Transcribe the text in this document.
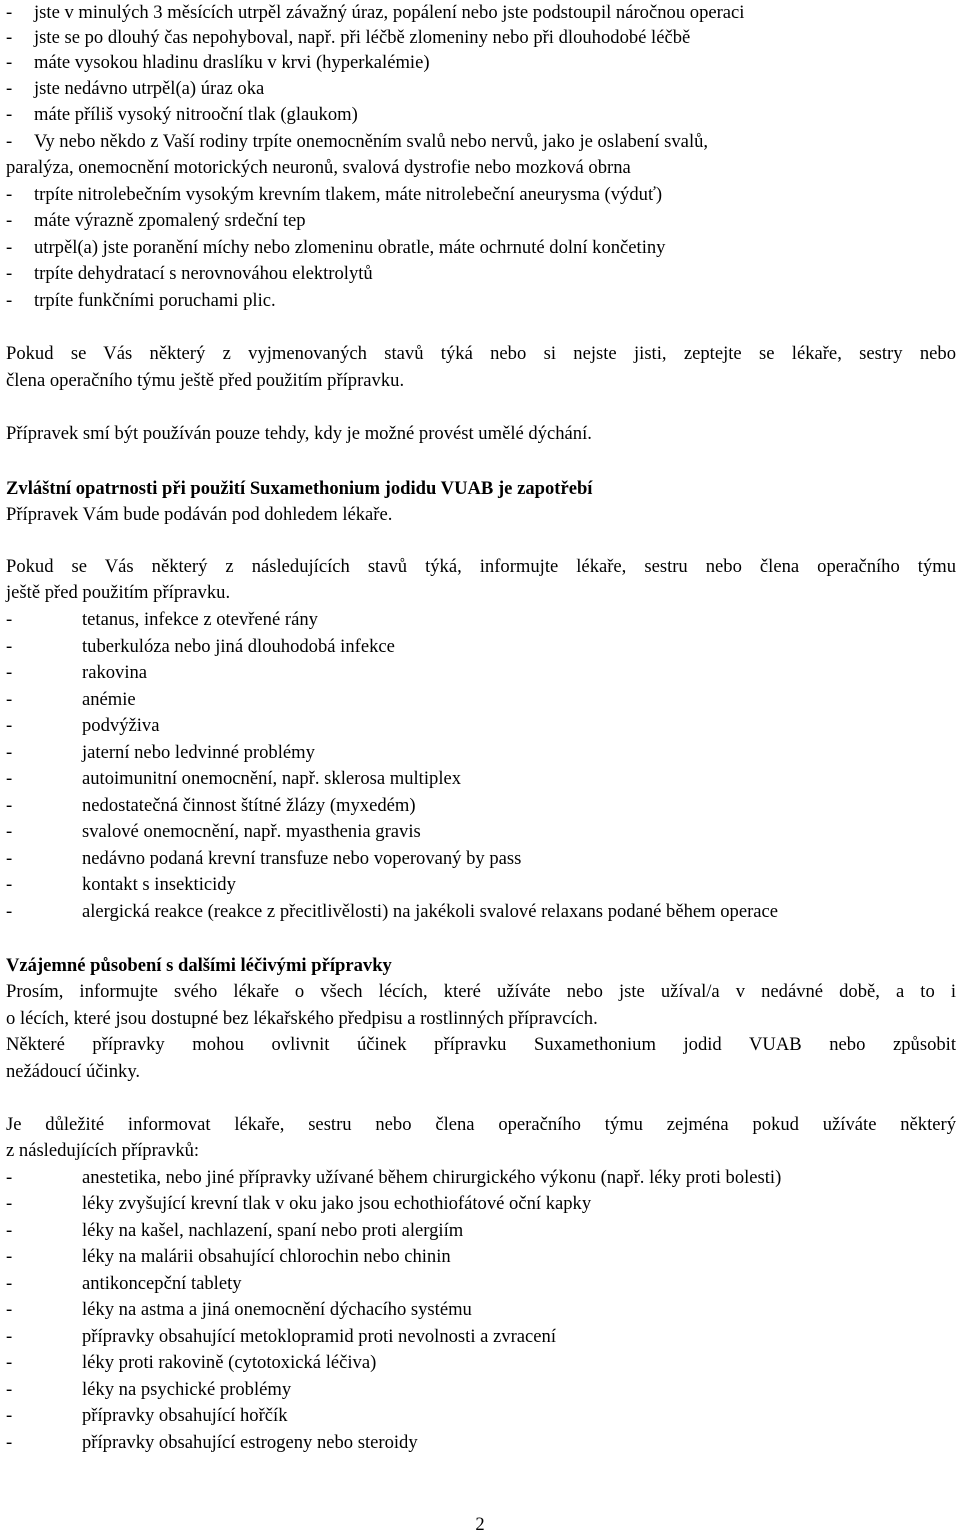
- jste v minulých 3 měsících utrpěl závažný úraz, popálení nebo jste podstoupil náročnou operaci
- jste se po dlouhý čas nepohyboval, např. při léčbě zlomeniny nebo při dlouhodobé léčbě
- máte vysokou hladinu draslíku v krvi (hyperkalémie)
- jste nedávno utrpěl(a) úraz oka
- máte příliš vysoký nitrooční tlak (glaukom)
- Vy nebo někdo z Vaší rodiny trpíte onemocněním svalů nebo nervů, jako je oslabení svalů,
paralýza, onemocnění motorických neuronů, svalová dystrofie nebo mozková obrna
- trpíte nitrolebečním vysokým krevním tlakem, máte nitrolebeční aneurysma (výduť)
- máte výrazně zpomalený srdeční tep
- utrpěl(a) jste poranění míchy nebo zlomeninu obratle, máte ochrnuté dolní končetiny
- trpíte dehydratací s nerovnováhou elektrolytů
- trpíte funkčními poruchami plic.
Pokud se Vás některý z vyjmenovaných stavů týká nebo si nejste jisti, zeptejte se lékaře, sestry nebo
člena operačního týmu ještě před použitím přípravku.
Přípravek smí být používán pouze tehdy, kdy je možné provést umělé dýchání.
Zvláštní opatrnosti při použití Suxamethonium jodidu VUAB je zapotřebí
Přípravek Vám bude podáván pod dohledem lékaře.
Pokud se Vás některý z následujících stavů týká, informujte lékaře, sestru nebo člena operačního týmu
ještě před použitím přípravku.
-	tetanus, infekce z otevřené rány
-	tuberkulóza nebo jiná dlouhodobá infekce
-	rakovina
-	anémie
-	podvýživa
-	jaterní nebo ledvinné problémy
-	autoimunitní onemocnění, např. sklerosa multiplex
-	nedostatečná činnost štítné žlázy (myxedém)
-	svalové onemocnění, např. myasthenia gravis
-	nedávno podaná krevní transfuze nebo voperovaný by pass
-	kontakt s insekticidy
-	alergická reakce (reakce z přecitlivělosti) na jakékoli svalové relaxans podané během operace
Vzájemné působení s dalšími léčivými přípravky
Prosím, informujte svého lékaře o všech lécích, které užíváte nebo jste užíval/a v nedávné době, a to i
o lécích, které jsou dostupné bez lékařského předpisu a rostlinných přípravcích.
Některé přípravky mohou ovlivnit účinek přípravku Suxamethonium jodid VUAB nebo způsobit
nežádoucí účinky.
Je důležité informovat lékaře, sestru nebo člena operačního týmu zejména pokud užíváte některý
z následujících přípravků:
-	anestetika, nebo jiné přípravky užívané během chirurgického výkonu (např. léky proti bolesti)
-	léky zvyšující krevní tlak v oku jako jsou echothiofátové oční kapky
-	léky na kašel, nachlazení, spaní nebo proti alergiím
-	léky na malárii obsahující chlorochin nebo chinin
-	antikoncepční tablety
-	léky na astma a jiná onemocnění dýchacího systému
-	přípravky obsahující metoklopramid proti nevolnosti a zvracení
-	léky proti rakovině (cytotoxická léčiva)
-	léky na psychické problémy
-	přípravky obsahující hořčík
-	přípravky obsahující estrogeny nebo steroidy
2
